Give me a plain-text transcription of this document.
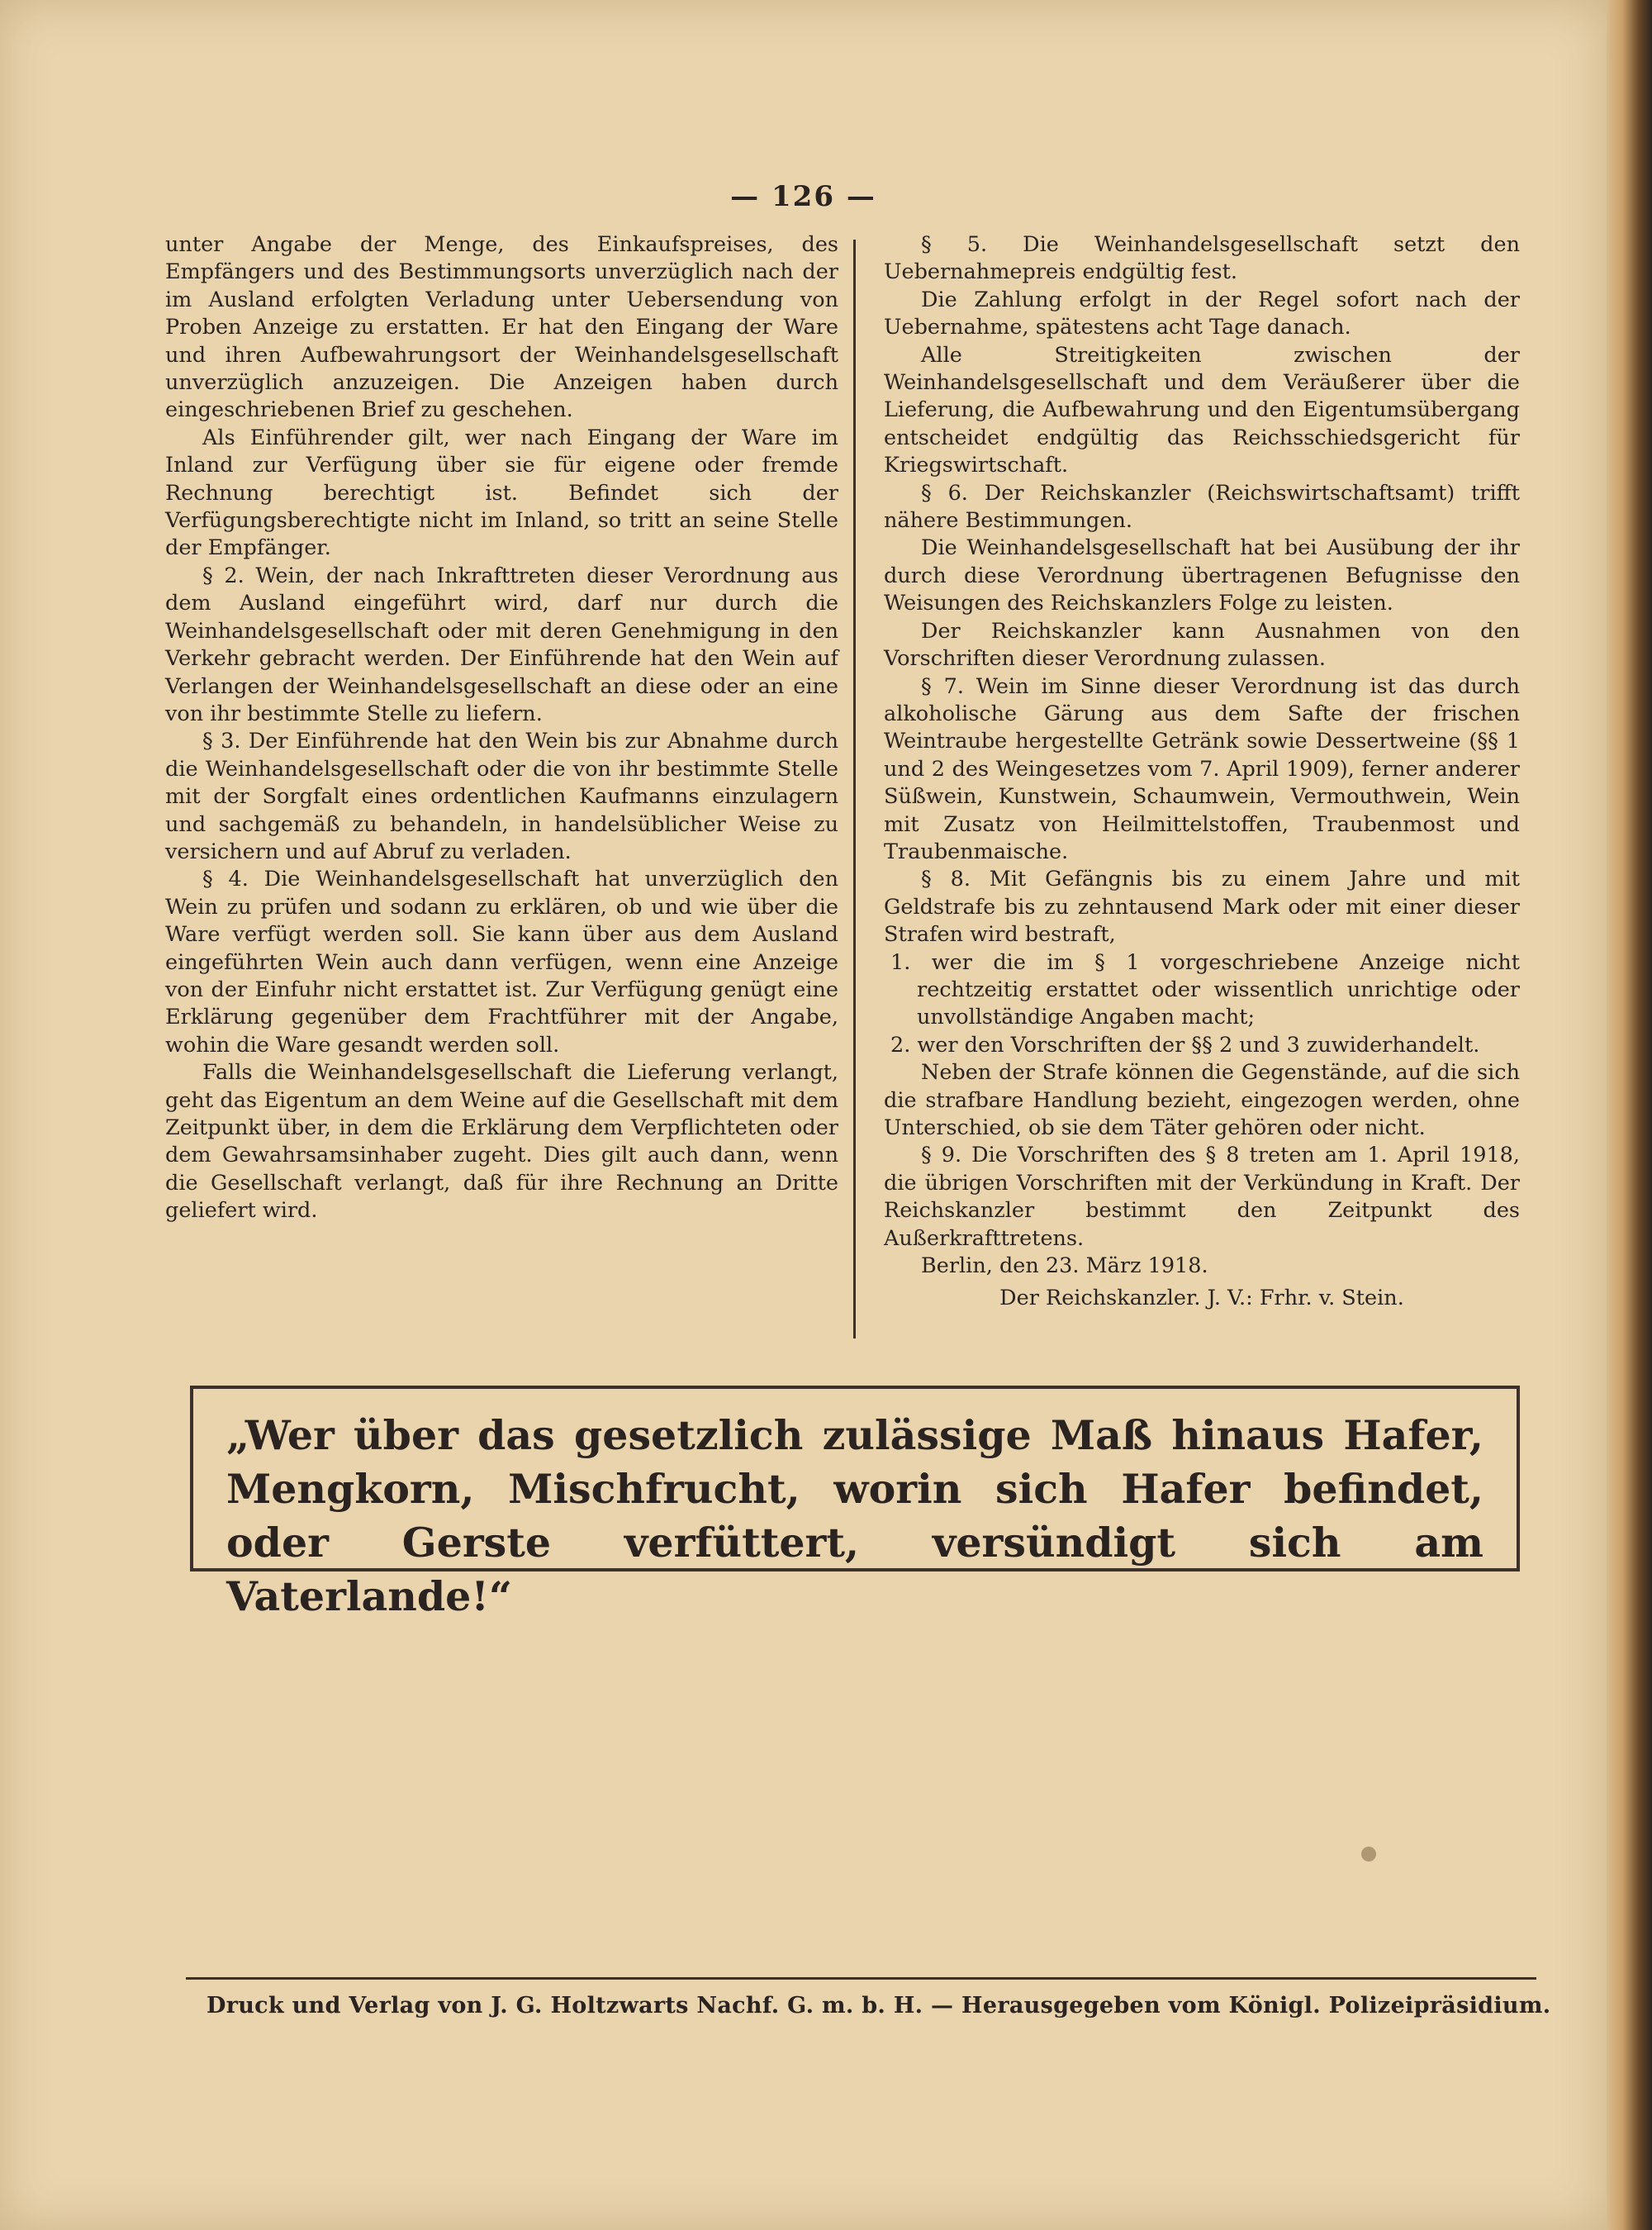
— 126 —

unter Angabe der Menge, des Einkaufspreises, des Empfängers und des Bestimmungsorts unverzüglich nach der im Ausland erfolgten Verladung unter Uebersendung von Proben Anzeige zu erstatten. Er hat den Eingang der Ware und ihren Aufbewahrungsort der Weinhandelsgesellschaft unverzüglich anzuzeigen. Die Anzeigen haben durch eingeschriebenen Brief zu geschehen.

Als Einführender gilt, wer nach Eingang der Ware im Inland zur Verfügung über sie für eigene oder fremde Rechnung berechtigt ist. Befindet sich der Verfügungsberechtigte nicht im Inland, so tritt an seine Stelle der Empfänger.

§ 2. Wein, der nach Inkrafttreten dieser Verordnung aus dem Ausland eingeführt wird, darf nur durch die Weinhandelsgesellschaft oder mit deren Genehmigung in den Verkehr gebracht werden. Der Einführende hat den Wein auf Verlangen der Weinhandelsgesellschaft an diese oder an eine von ihr bestimmte Stelle zu liefern.

§ 3. Der Einführende hat den Wein bis zur Abnahme durch die Weinhandelsgesellschaft oder die von ihr bestimmte Stelle mit der Sorgfalt eines ordentlichen Kaufmanns einzulagern und sachgemäß zu behandeln, in handelsüblicher Weise zu versichern und auf Abruf zu verladen.

§ 4. Die Weinhandelsgesellschaft hat unverzüglich den Wein zu prüfen und sodann zu erklären, ob und wie über die Ware verfügt werden soll. Sie kann über aus dem Ausland eingeführten Wein auch dann verfügen, wenn eine Anzeige von der Einfuhr nicht erstattet ist. Zur Verfügung genügt eine Erklärung gegenüber dem Frachtführer mit der Angabe, wohin die Ware gesandt werden soll.

Falls die Weinhandelsgesellschaft die Lieferung verlangt, geht das Eigentum an dem Weine auf die Gesellschaft mit dem Zeitpunkt über, in dem die Erklärung dem Verpflichteten oder dem Gewahrsamsinhaber zugeht. Dies gilt auch dann, wenn die Gesellschaft verlangt, daß für ihre Rechnung an Dritte geliefert wird.

§ 5. Die Weinhandelsgesellschaft setzt den Uebernahmepreis endgültig fest.

Die Zahlung erfolgt in der Regel sofort nach der Uebernahme, spätestens acht Tage danach.

Alle Streitigkeiten zwischen der Weinhandelsgesellschaft und dem Veräußerer über die Lieferung, die Aufbewahrung und den Eigentumsübergang entscheidet endgültig das Reichsschiedsgericht für Kriegswirtschaft.

§ 6. Der Reichskanzler (Reichswirtschaftsamt) trifft nähere Bestimmungen.

Die Weinhandelsgesellschaft hat bei Ausübung der ihr durch diese Verordnung übertragenen Befugnisse den Weisungen des Reichskanzlers Folge zu leisten.

Der Reichskanzler kann Ausnahmen von den Vorschriften dieser Verordnung zulassen.

§ 7. Wein im Sinne dieser Verordnung ist das durch alkoholische Gärung aus dem Safte der frischen Weintraube hergestellte Getränk sowie Dessertweine (§§ 1 und 2 des Weingesetzes vom 7. April 1909), ferner anderer Süßwein, Kunstwein, Schaumwein, Vermouthwein, Wein mit Zusatz von Heilmittelstoffen, Traubenmost und Traubenmaische.

§ 8. Mit Gefängnis bis zu einem Jahre und mit Geldstrafe bis zu zehntausend Mark oder mit einer dieser Strafen wird bestraft,

1. wer die im § 1 vorgeschriebene Anzeige nicht rechtzeitig erstattet oder wissentlich unrichtige oder unvollständige Angaben macht;

2. wer den Vorschriften der §§ 2 und 3 zuwiderhandelt.

Neben der Strafe können die Gegenstände, auf die sich die strafbare Handlung bezieht, eingezogen werden, ohne Unterschied, ob sie dem Täter gehören oder nicht.

§ 9. Die Vorschriften des § 8 treten am 1. April 1918, die übrigen Vorschriften mit der Verkündung in Kraft. Der Reichskanzler bestimmt den Zeitpunkt des Außerkrafttretens.

Berlin, den 23. März 1918.

Der Reichskanzler. J. V.: Frhr. v. Stein.

„Wer über das gesetzlich zulässige Maß hinaus Hafer, Mengkorn, Mischfrucht, worin sich Hafer befindet, oder Gerste verfüttert, versündigt sich am Vaterlande!“

Druck und Verlag von J. G. Holtzwarts Nachf. G. m. b. H. — Herausgegeben vom Königl. Polizeipräsidium.
